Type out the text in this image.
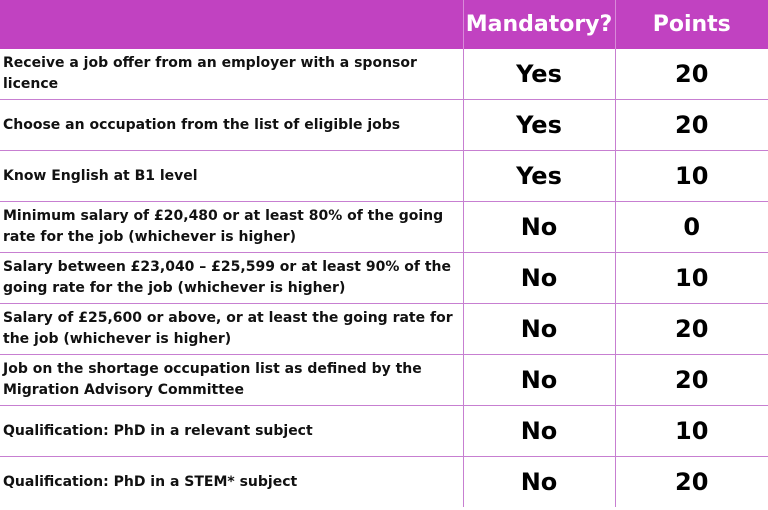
	Mandatory?	Points
Receive a job offer from an employer with a sponsor licence	Yes	20
Choose an occupation from the list of eligible jobs	Yes	20
Know English at B1 level	Yes	10
Minimum salary of £20,480 or at least 80% of the going rate for the job (whichever is higher)	No	0
Salary between £23,040 – £25,599 or at least 90% of the going rate for the job (whichever is higher)	No	10
Salary of £25,600 or above, or at least the going rate for the job (whichever is higher)	No	20
Job on the shortage occupation list as defined by the Migration Advisory Committee	No	20
Qualification: PhD in a relevant subject	No	10
Qualification: PhD in a STEM* subject	No	20
